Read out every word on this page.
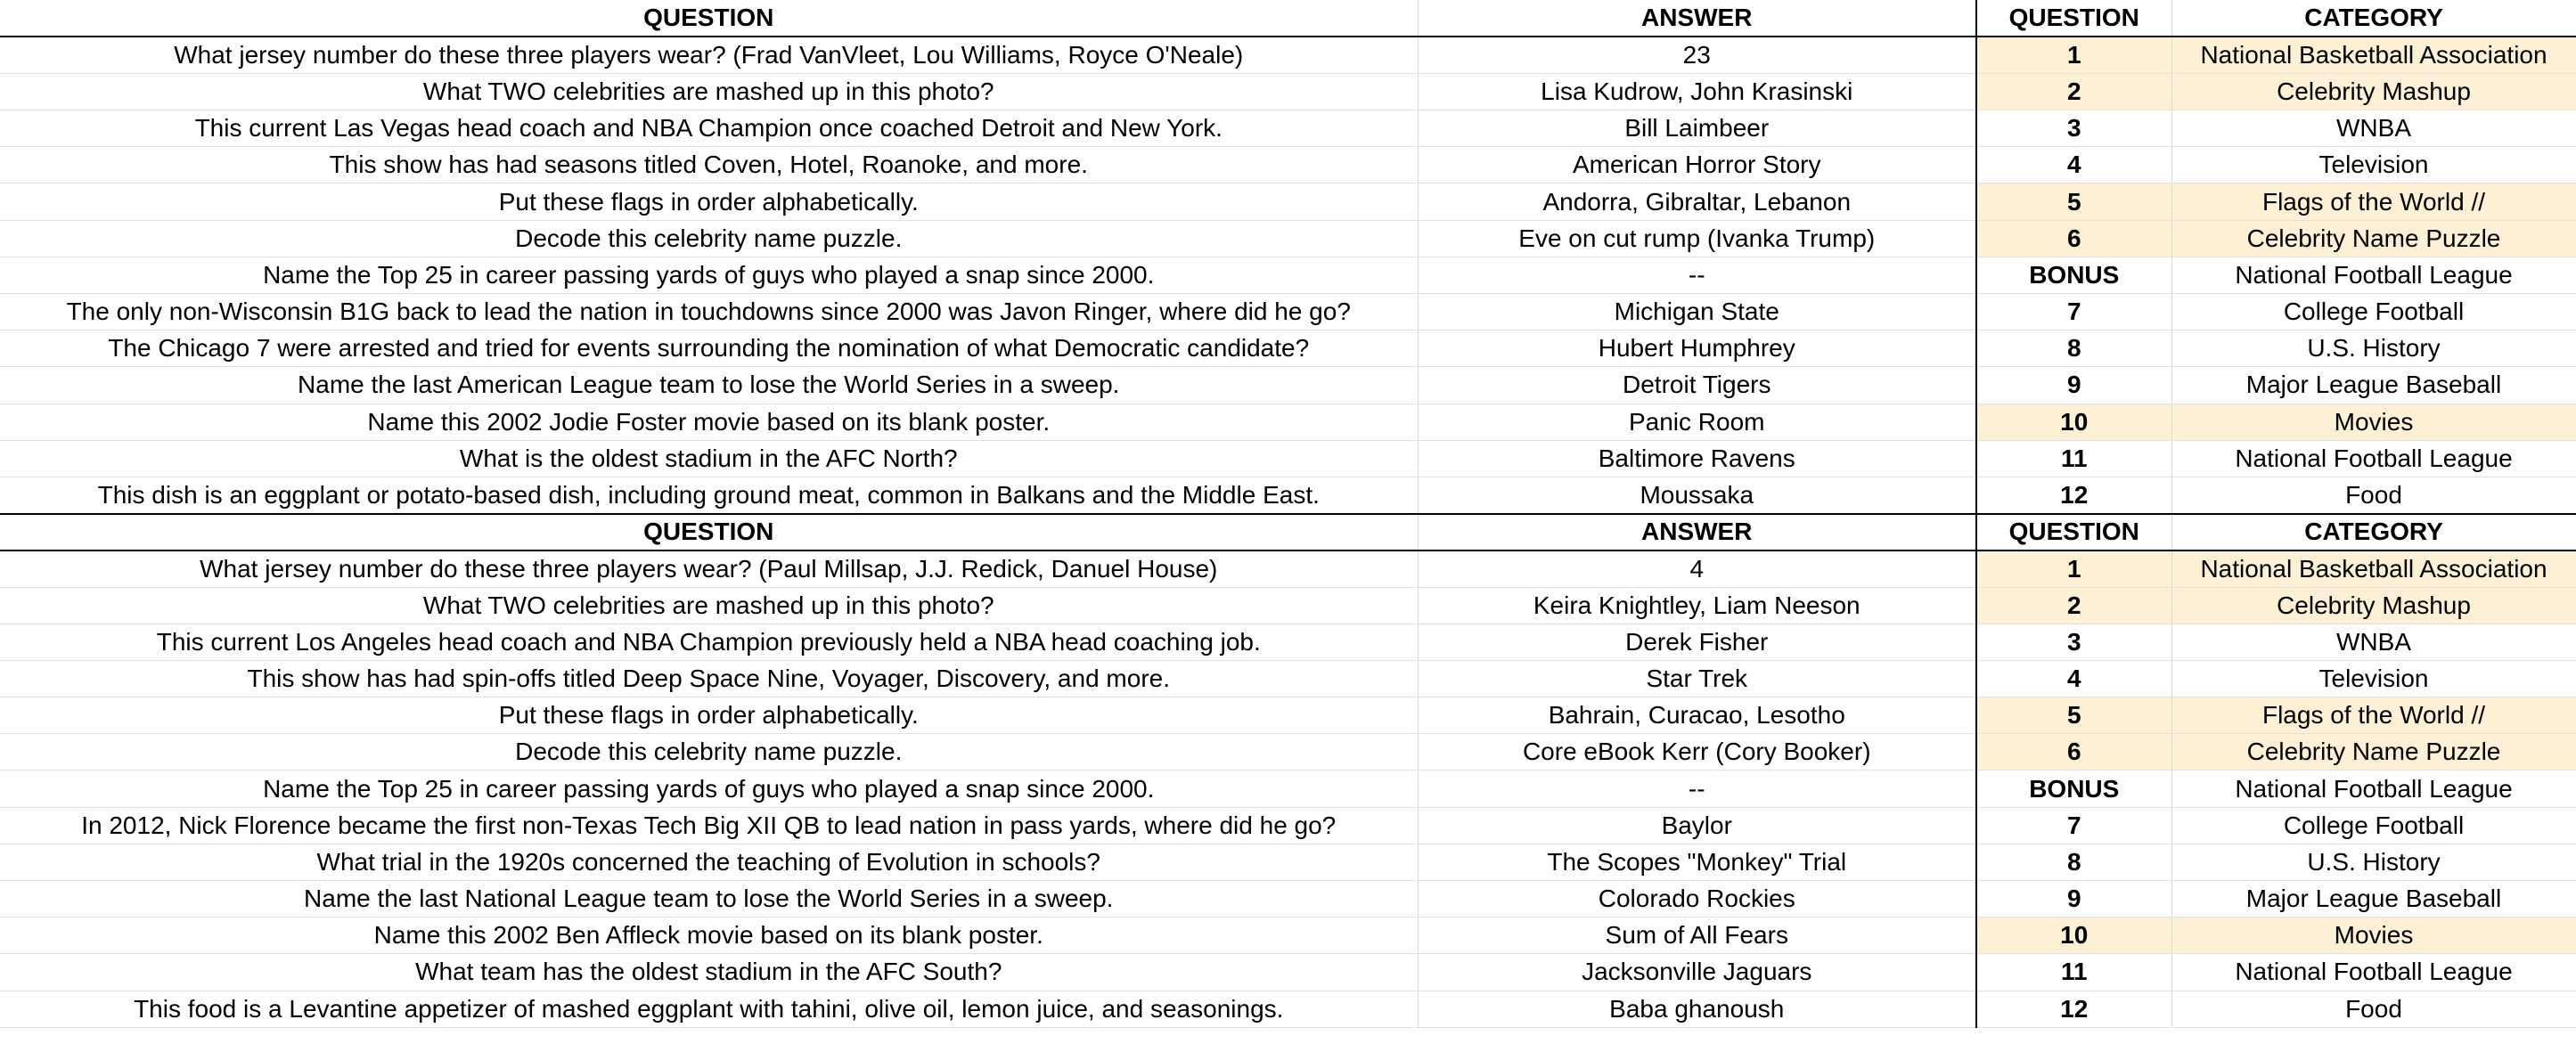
QUESTION	ANSWER	QUESTION	CATEGORY
What jersey number do these three players wear? (Frad VanVleet, Lou Williams, Royce O'Neale)	23	1	National Basketball Association
What TWO celebrities are mashed up in this photo?	Lisa Kudrow, John Krasinski	2	Celebrity Mashup
This current Las Vegas head coach and NBA Champion once coached Detroit and New York.	Bill Laimbeer	3	WNBA
This show has had seasons titled Coven, Hotel, Roanoke, and more.	American Horror Story	4	Television
Put these flags in order alphabetically.	Andorra, Gibraltar, Lebanon	5	Flags of the World //
Decode this celebrity name puzzle.	Eve on cut rump (Ivanka Trump)	6	Celebrity Name Puzzle
Name the Top 25 in career passing yards of guys who played a snap since 2000.	--	BONUS	National Football League
The only non-Wisconsin B1G back to lead the nation in touchdowns since 2000 was Javon Ringer, where did he go?	Michigan State	7	College Football
The Chicago 7 were arrested and tried for events surrounding the nomination of what Democratic candidate?	Hubert Humphrey	8	U.S. History
Name the last American League team to lose the World Series in a sweep.	Detroit Tigers	9	Major League Baseball
Name this 2002 Jodie Foster movie based on its blank poster.	Panic Room	10	Movies
What is the oldest stadium in the AFC North?	Baltimore Ravens	11	National Football League
This dish is an eggplant or potato-based dish, including ground meat, common in Balkans and the Middle East.	Moussaka	12	Food
QUESTION	ANSWER	QUESTION	CATEGORY
What jersey number do these three players wear? (Paul Millsap, J.J. Redick, Danuel House)	4	1	National Basketball Association
What TWO celebrities are mashed up in this photo?	Keira Knightley, Liam Neeson	2	Celebrity Mashup
This current Los Angeles head coach and NBA Champion previously held a NBA head coaching job.	Derek Fisher	3	WNBA
This show has had spin-offs titled Deep Space Nine, Voyager, Discovery, and more.	Star Trek	4	Television
Put these flags in order alphabetically.	Bahrain, Curacao, Lesotho	5	Flags of the World //
Decode this celebrity name puzzle.	Core eBook Kerr (Cory Booker)	6	Celebrity Name Puzzle
Name the Top 25 in career passing yards of guys who played a snap since 2000.	--	BONUS	National Football League
In 2012, Nick Florence became the first non-Texas Tech Big XII QB to lead nation in pass yards, where did he go?	Baylor	7	College Football
What trial in the 1920s concerned the teaching of Evolution in schools?	The Scopes "Monkey" Trial	8	U.S. History
Name the last National League team to lose the World Series in a sweep.	Colorado Rockies	9	Major League Baseball
Name this 2002 Ben Affleck movie based on its blank poster.	Sum of All Fears	10	Movies
What team has the oldest stadium in the AFC South?	Jacksonville Jaguars	11	National Football League
This food is a Levantine appetizer of mashed eggplant with tahini, olive oil, lemon juice, and seasonings.	Baba ghanoush	12	Food
